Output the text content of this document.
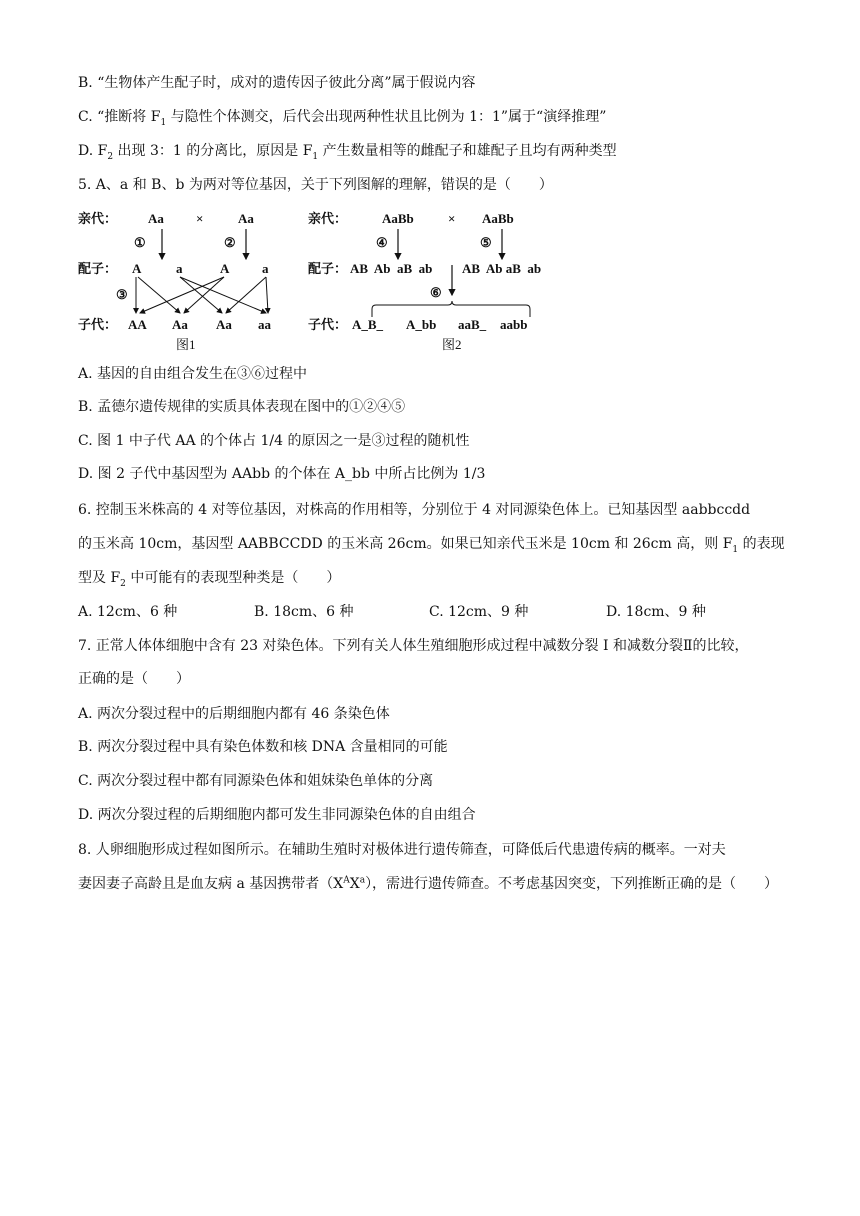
B. “生物体产生配子时，成对的遗传因子彼此分离”属于假说内容
C. “推断将 $F_1$ 与隐性个体测交，后代会出现两种性状且比例为 1：1”属于“演绎推理”
D. $F_2$ 出现 3：1 的分离比，原因是 $F_1$ 产生数量相等的雌配子和雄配子且均有两种类型
5. A、a 和 B、b 为两对等位基因，关于下列图解的理解，错误的是（　　）
亲代： Aa ×	Aa
①	②
配子： A	a	A	a
③
子代： AA Aa Aa aa
图1
亲代：	AaBb	× AaBb
④	⑤
配子： AB  Ab  aB  ab AB  Ab aB  ab
⑥
子代： A_B_ A_bb aaB_ aabb
图2
A. 基因的自由组合发生在③⑥过程中
B. 孟德尔遗传规律的实质具体表现在图中的①②④⑤
C. 图 1 中子代 AA 的个体占 1/4 的原因之一是③过程的随机性
D. 图 2 子代中基因型为 AAbb 的个体在 A_bb 中所占比例为 1/3
6. 控制玉米株高的 4 对等位基因，对株高的作用相等，分别位于 4 对同源染色体上。已知基因型 aabbccdd
的玉米高 10cm，基因型 AABBCCDD 的玉米高 26cm。如果已知亲代玉米是 10cm 和 26cm 高，则 $F_1$ 的表现
型及 $F_2$ 中可能有的表现型种类是（　　）
A. 12cm、6 种	B. 18cm、6 种	C. 12cm、9 种	D. 18cm、9 种
7. 正常人体体细胞中含有 23 对染色体。下列有关人体生殖细胞形成过程中减数分裂 I 和减数分裂Ⅱ的比较，
正确的是（　　）
A. 两次分裂过程中的后期细胞内都有 46 条染色体
B. 两次分裂过程中具有染色体数和核 DNA 含量相同的可能
C. 两次分裂过程中都有同源染色体和姐妹染色单体的分离
D. 两次分裂过程的后期细胞内都可发生非同源染色体的自由组合
8. 人卵细胞形成过程如图所示。在辅助生殖时对极体进行遗传筛查，可降低后代患遗传病的概率。一对夫
妻因妻子高龄且是血友病 a 基因携带者$(X^AX^a)$，需进行遗传筛查。不考虑基因突变，下列推断正确的是（　　）
